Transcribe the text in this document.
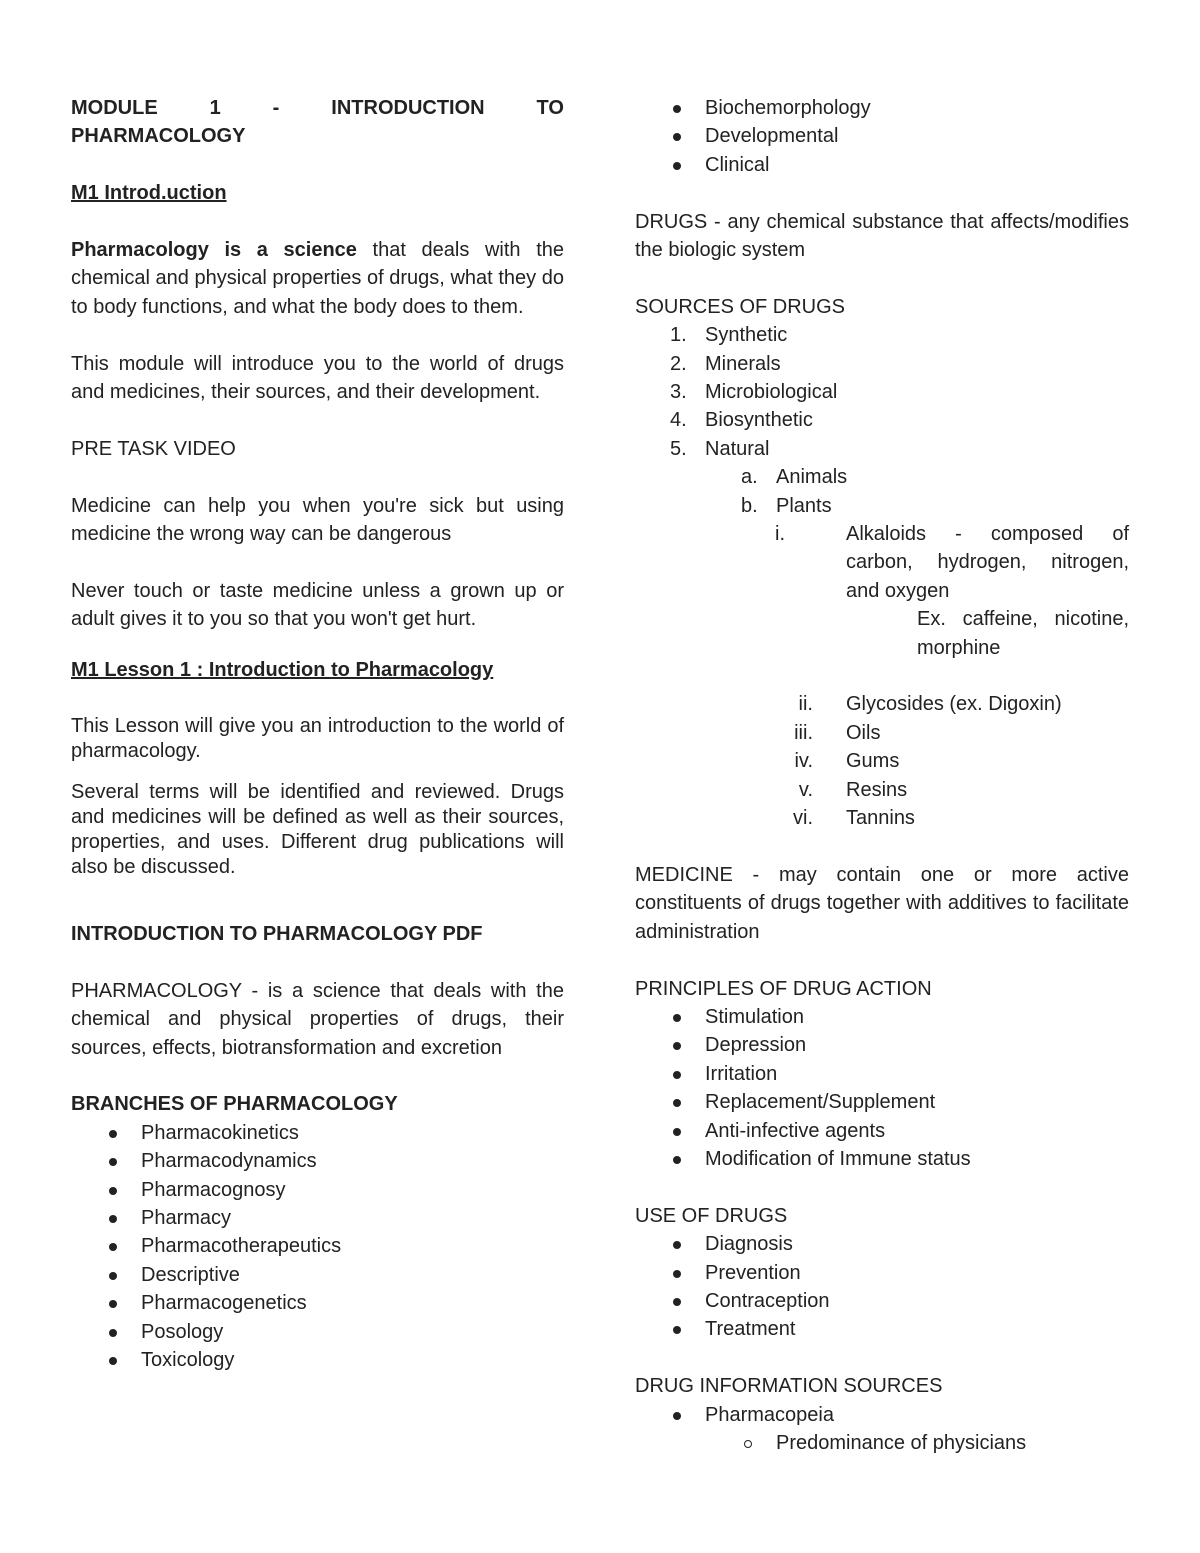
MODULE	1	-	INTRODUCTION	TO

PHARMACOLOGY

M1 Introd.uction

Pharmacology is a science that deals with the chemical and physical properties of drugs, what they do to body functions, and what the body does to them.

This module will introduce you to the world of drugs and medicines, their sources, and their development.

PRE TASK VIDEO

Medicine can help you when you're sick but using medicine the wrong way can be dangerous

Never touch or taste medicine unless a grown up or adult gives it to you so that you won't get hurt.

M1 Lesson 1 : Introduction to Pharmacology

This Lesson will give you an introduction to the world of pharmacology.

Several terms will be identified and reviewed. Drugs and medicines will be defined as well as their sources, properties, and uses. Different drug publications will also be discussed.

INTRODUCTION TO PHARMACOLOGY PDF

PHARMACOLOGY - is a science that deals with the chemical and physical properties of drugs, their sources, effects, biotransformation and excretion

BRANCHES OF PHARMACOLOGY

Pharmacokinetics
Pharmacodynamics
Pharmacognosy
Pharmacy
Pharmacotherapeutics
Descriptive
Pharmacogenetics
Posology
Toxicology
Biochemorphology
Developmental
Clinical

DRUGS - any chemical substance that affects/modifies the biologic system

SOURCES OF DRUGS

1. Synthetic
2. Minerals
3. Microbiological
4. Biosynthetic
5. Natural
a. Animals
b. Plants
i.	Alkaloids - composed of carbon, hydrogen, nitrogen, and oxygen

Ex. caffeine, nicotine, morphine

ii. Glycosides (ex. Digoxin)
iii. Oils
iv. Gums
v. Resins
vi. Tannins

MEDICINE - may contain one or more active constituents of drugs together with additives to facilitate administration

PRINCIPLES OF DRUG ACTION

Stimulation
Depression
Irritation
Replacement/Supplement
Anti-infective agents
Modification of Immune status

USE OF DRUGS

Diagnosis
Prevention
Contraception
Treatment

DRUG INFORMATION SOURCES

Pharmacopeia
Predominance of physicians
